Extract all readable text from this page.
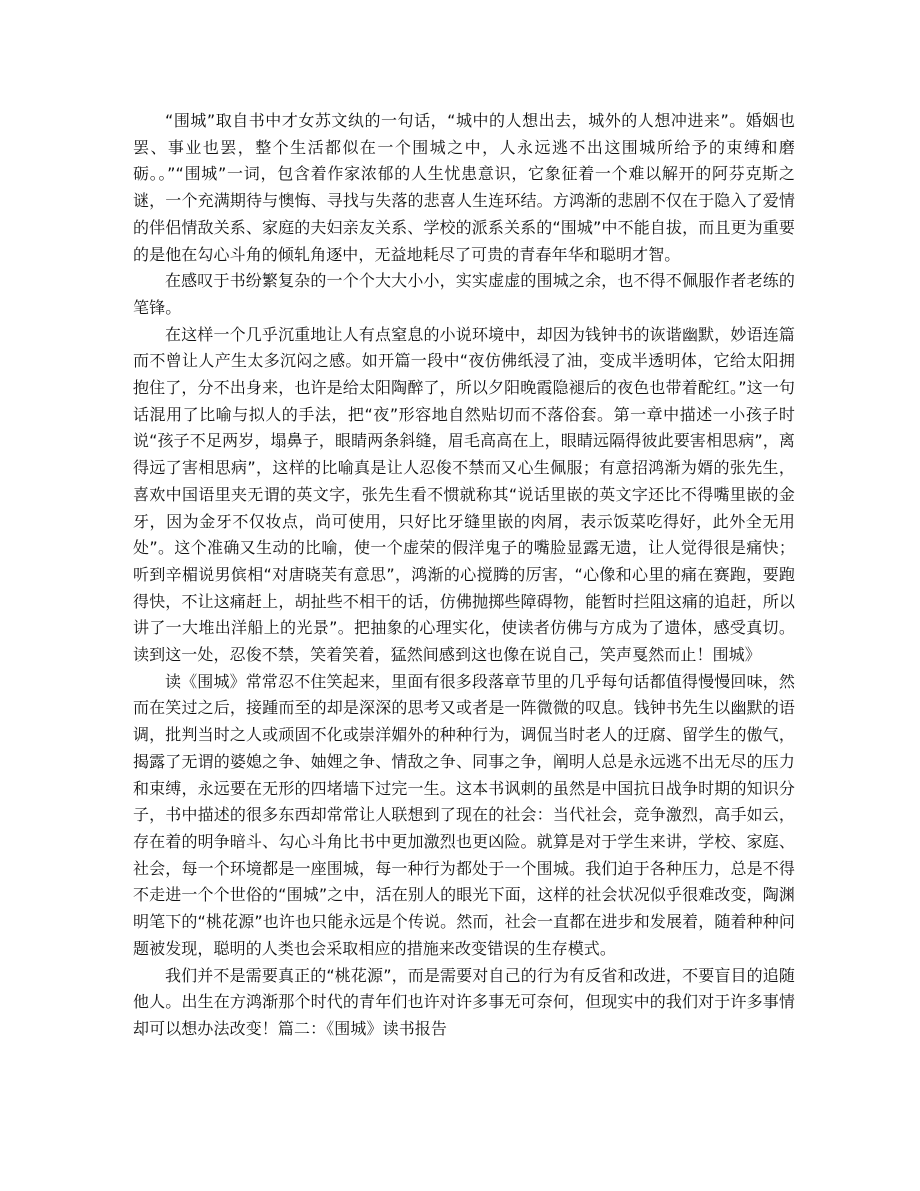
“围城”取自书中才女苏文纨的一句话，“城中的人想出去，城外的人想冲进来”。婚姻也罢、事业也罢，整个生活都似在一个围城之中，人永远逃不出这围城所给予的束缚和磨砺。。”“围城”一词，包含着作家浓郁的人生忧患意识，它象征着一个难以解开的阿芬克斯之谜，一个充满期待与懊悔、寻找与失落的悲喜人生连环结。方鸿渐的悲剧不仅在于隐入了爱情的伴侣情敌关系、家庭的夫妇亲友关系、学校的派系关系的“围城”中不能自拔，而且更为重要的是他在勾心斗角的倾轧角逐中，无益地耗尽了可贵的青春年华和聪明才智。

在感叹于书纷繁复杂的一个个大大小小，实实虚虚的围城之余，也不得不佩服作者老练的笔锋。

在这样一个几乎沉重地让人有点窒息的小说环境中，却因为钱钟书的诙谐幽默，妙语连篇而不曾让人产生太多沉闷之感。如开篇一段中“夜仿佛纸浸了油，变成半透明体，它给太阳拥抱住了，分不出身来，也许是给太阳陶醉了，所以夕阳晚霞隐褪后的夜色也带着酡红。”这一句话混用了比喻与拟人的手法，把“夜”形容地自然贴切而不落俗套。第一章中描述一小孩子时说“孩子不足两岁，塌鼻子，眼睛两条斜缝，眉毛高高在上，眼睛远隔得彼此要害相思病”，离得远了害相思病”，这样的比喻真是让人忍俊不禁而又心生佩服；有意招鸿渐为婿的张先生，喜欢中国语里夹无谓的英文字，张先生看不惯就称其“说话里嵌的英文字还比不得嘴里嵌的金牙，因为金牙不仅妆点，尚可使用，只好比牙缝里嵌的肉屑，表示饭菜吃得好，此外全无用处”。这个准确又生动的比喻，使一个虚荣的假洋鬼子的嘴脸显露无遗，让人觉得很是痛快；听到辛楣说男傧相“对唐晓芙有意思”，鸿渐的心搅腾的厉害，“心像和心里的痛在赛跑，要跑得快，不让这痛赶上，胡扯些不相干的话，仿佛抛掷些障碍物，能暂时拦阻这痛的追赶，所以讲了一大堆出洋船上的光景”。把抽象的心理实化，使读者仿佛与方成为了遗体，感受真切。读到这一处，忍俊不禁，笑着笑着，猛然间感到这也像在说自己，笑声戛然而止！围城》

读《围城》常常忍不住笑起来，里面有很多段落章节里的几乎每句话都值得慢慢回味，然而在笑过之后，接踵而至的却是深深的思考又或者是一阵微微的叹息。钱钟书先生以幽默的语调，批判当时之人或顽固不化或崇洋媚外的种种行为，调侃当时老人的迂腐、留学生的傲气，揭露了无谓的婆媳之争、妯娌之争、情敌之争、同事之争，阐明人总是永远逃不出无尽的压力和束缚，永远要在无形的四堵墙下过完一生。这本书讽刺的虽然是中国抗日战争时期的知识分子，书中描述的很多东西却常常让人联想到了现在的社会：当代社会，竞争激烈，高手如云，存在着的明争暗斗、勾心斗角比书中更加激烈也更凶险。就算是对于学生来讲，学校、家庭、社会，每一个环境都是一座围城，每一种行为都处于一个围城。我们迫于各种压力，总是不得不走进一个个世俗的“围城”之中，活在别人的眼光下面，这样的社会状况似乎很难改变，陶渊明笔下的“桃花源”也许也只能永远是个传说。然而，社会一直都在进步和发展着，随着种种问题被发现，聪明的人类也会采取相应的措施来改变错误的生存模式。

我们并不是需要真正的“桃花源”，而是需要对自己的行为有反省和改进，不要盲目的追随他人。出生在方鸿渐那个时代的青年们也许对许多事无可奈何，但现实中的我们对于许多事情却可以想办法改变！篇二：《围城》读书报告
